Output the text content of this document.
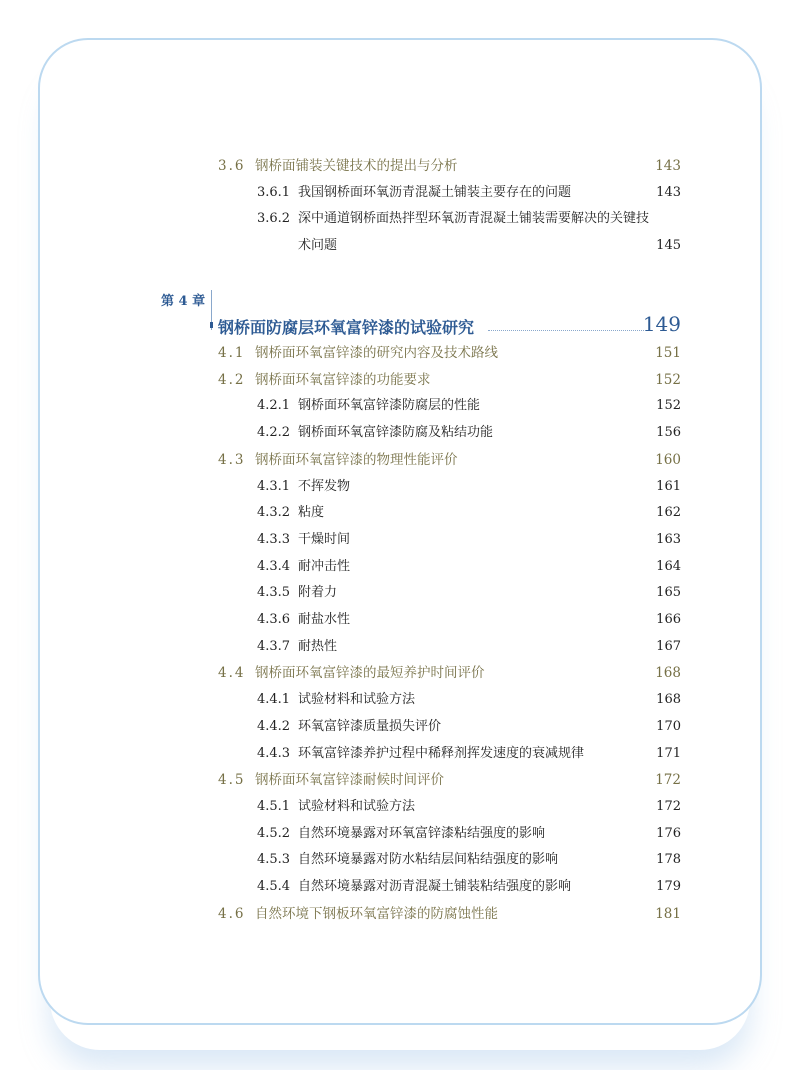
3.6 钢桥面铺装关键技术的提出与分析	143
3.6.1 我国钢桥面环氧沥青混凝土铺装主要存在的问题	143
3.6.2 深中通道钢桥面热拌型环氧沥青混凝土铺装需要解决的关键技
术问题	145
第 4 章
钢桥面防腐层环氧富锌漆的试验研究	149
4.1 钢桥面环氧富锌漆的研究内容及技术路线	151
4.2 钢桥面环氧富锌漆的功能要求	152
4.2.1 钢桥面环氧富锌漆防腐层的性能	152
4.2.2 钢桥面环氧富锌漆防腐及粘结功能	156
4.3 钢桥面环氧富锌漆的物理性能评价	160
4.3.1 不挥发物	161
4.3.2 粘度	162
4.3.3 干燥时间	163
4.3.4 耐冲击性	164
4.3.5 附着力	165
4.3.6 耐盐水性	166
4.3.7 耐热性	167
4.4 钢桥面环氧富锌漆的最短养护时间评价	168
4.4.1 试验材料和试验方法	168
4.4.2 环氧富锌漆质量损失评价	170
4.4.3 环氧富锌漆养护过程中稀释剂挥发速度的衰减规律	171
4.5 钢桥面环氧富锌漆耐候时间评价	172
4.5.1 试验材料和试验方法	172
4.5.2 自然环境暴露对环氧富锌漆粘结强度的影响	176
4.5.3 自然环境暴露对防水粘结层间粘结强度的影响	178
4.5.4 自然环境暴露对沥青混凝土铺装粘结强度的影响	179
4.6 自然环境下钢板环氧富锌漆的防腐蚀性能	181
